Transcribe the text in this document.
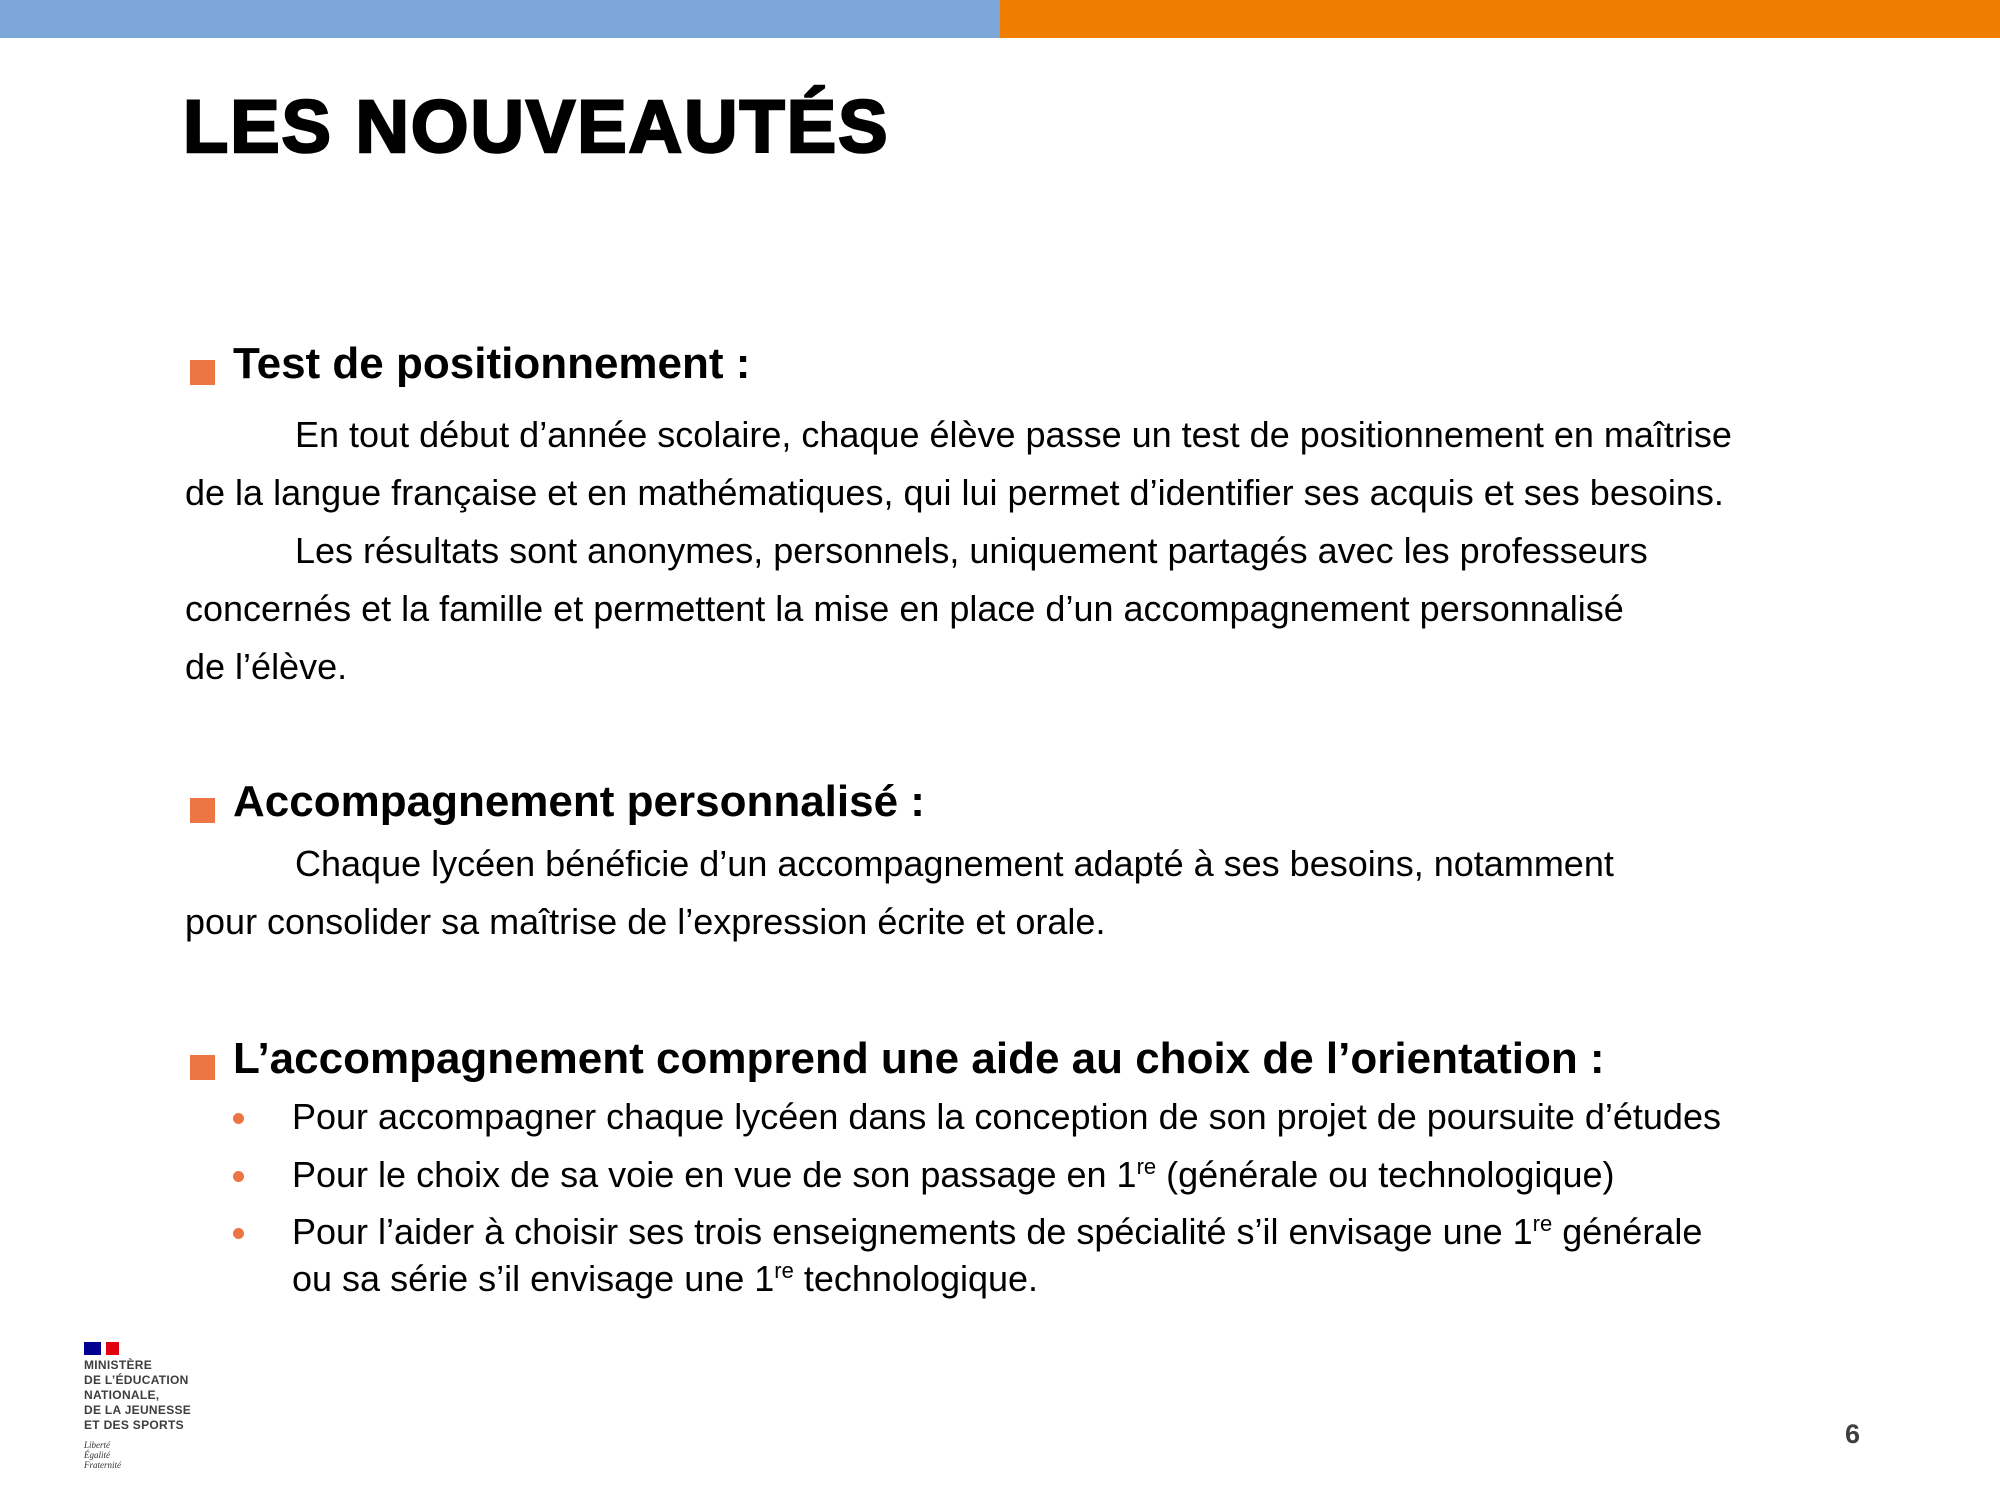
LES NOUVEAUTÉS
Test de positionnement :
En tout début d’année scolaire, chaque élève passe un test de positionnement en maîtrise
de la langue française et en mathématiques, qui lui permet d’identifier ses acquis et ses besoins.
Les résultats sont anonymes, personnels, uniquement partagés avec les professeurs
concernés et la famille et permettent la mise en place d’un accompagnement personnalisé
de l’élève.
Accompagnement personnalisé :
Chaque lycéen bénéficie d’un accompagnement adapté à ses besoins, notamment
pour consolider sa maîtrise de l’expression écrite et orale.
L’accompagnement comprend une aide au choix de l’orientation :
Pour accompagner chaque lycéen dans la conception de son projet de poursuite d’études
Pour le choix de sa voie en vue de son passage en 1re (générale ou technologique)
Pour l’aider à choisir ses trois enseignements de spécialité s’il envisage une 1re générale
ou sa série s’il envisage une 1re technologique.
MINISTÈRE
DE L’ÉDUCATION
NATIONALE,
DE LA JEUNESSE
ET DES SPORTS
Liberté
Égalité
Fraternité
6
